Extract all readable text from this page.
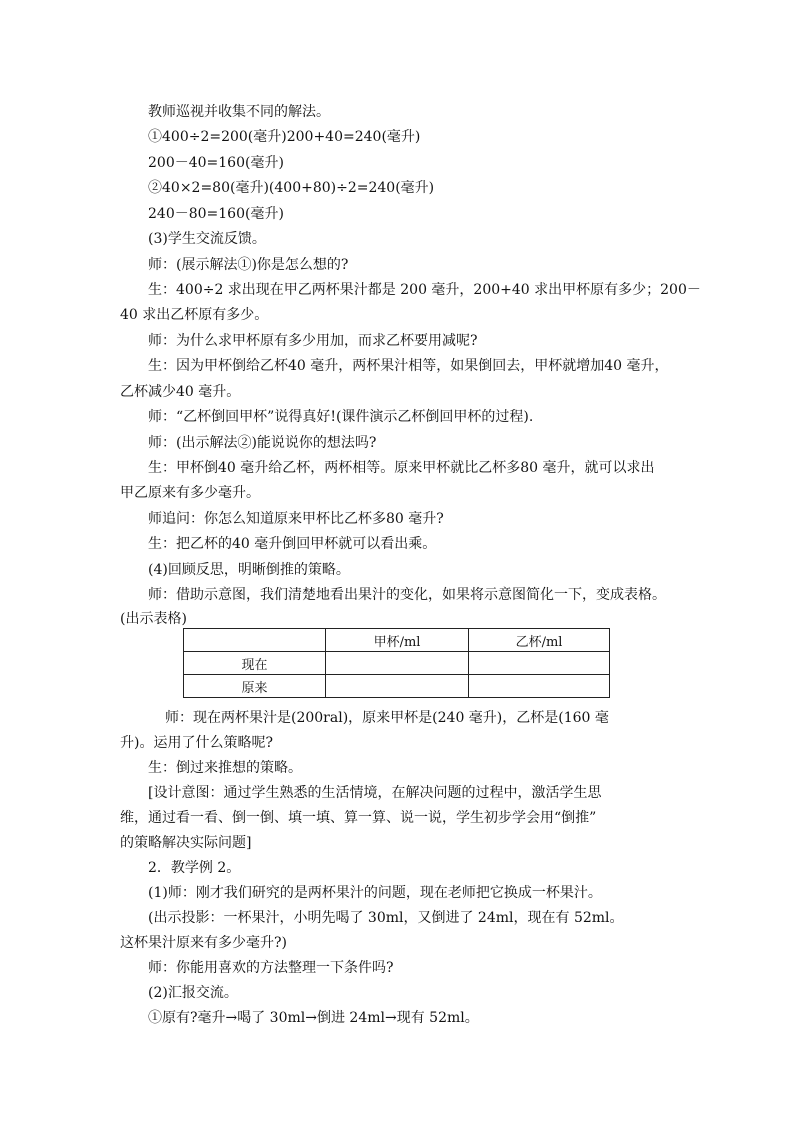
教师巡视并收集不同的解法。
①400÷2=200(毫升)200+40=240(毫升)
200－40=160(毫升)
②40×2=80(毫升)(400+80)÷2=240(毫升)
240－80=160(毫升)
(3)学生交流反馈。
师：(展示解法①)你是怎么想的?
生：400÷2 求出现在甲乙两杯果汁都是 200 毫升，200+40 求出甲杯原有多少；200－
40 求出乙杯原有多少。
师：为什么求甲杯原有多少用加，而求乙杯要用减呢?
生：因为甲杯倒给乙杯40 毫升，两杯果汁相等，如果倒回去，甲杯就增加40 毫升，
乙杯减少40 毫升。
师：“乙杯倒回甲杯”说得真好!(课件演示乙杯倒回甲杯的过程).
师：(出示解法②)能说说你的想法吗?
生：甲杯倒40 毫升给乙杯，两杯相等。原来甲杯就比乙杯多80 毫升，就可以求出
甲乙原来有多少毫升。
师追问：你怎么知道原来甲杯比乙杯多80 毫升?
生：把乙杯的40 毫升倒回甲杯就可以看出乘。
(4)回顾反思，明晰倒推的策略。
师：借助示意图，我们清楚地看出果汁的变化，如果将示意图简化一下，变成表格。
(出示表格)
	甲杯/ml	乙杯/ml
现在		
原来		
师：现在两杯果汁是(200ral)，原来甲杯是(240 毫升)，乙杯是(160 毫
升)。运用了什么策略呢?
生：倒过来推想的策略。
[设计意图：通过学生熟悉的生活情境，在解决问题的过程中，激活学生思
维，通过看一看、倒一倒、填一填、算一算、说一说，学生初步学会用“倒推”
的策略解决实际问题]
2．教学例 2。
(1)师：刚才我们研究的是两杯果汁的问题，现在老师把它换成一杯果汁。
(出示投影：一杯果汁，小明先喝了 30ml，又倒进了 24ml，现在有 52ml。
这杯果汁原来有多少毫升?)
师：你能用喜欢的方法整理一下条件吗?
(2)汇报交流。
①原有?毫升→喝了 30ml→倒进 24ml→现有 52ml。
